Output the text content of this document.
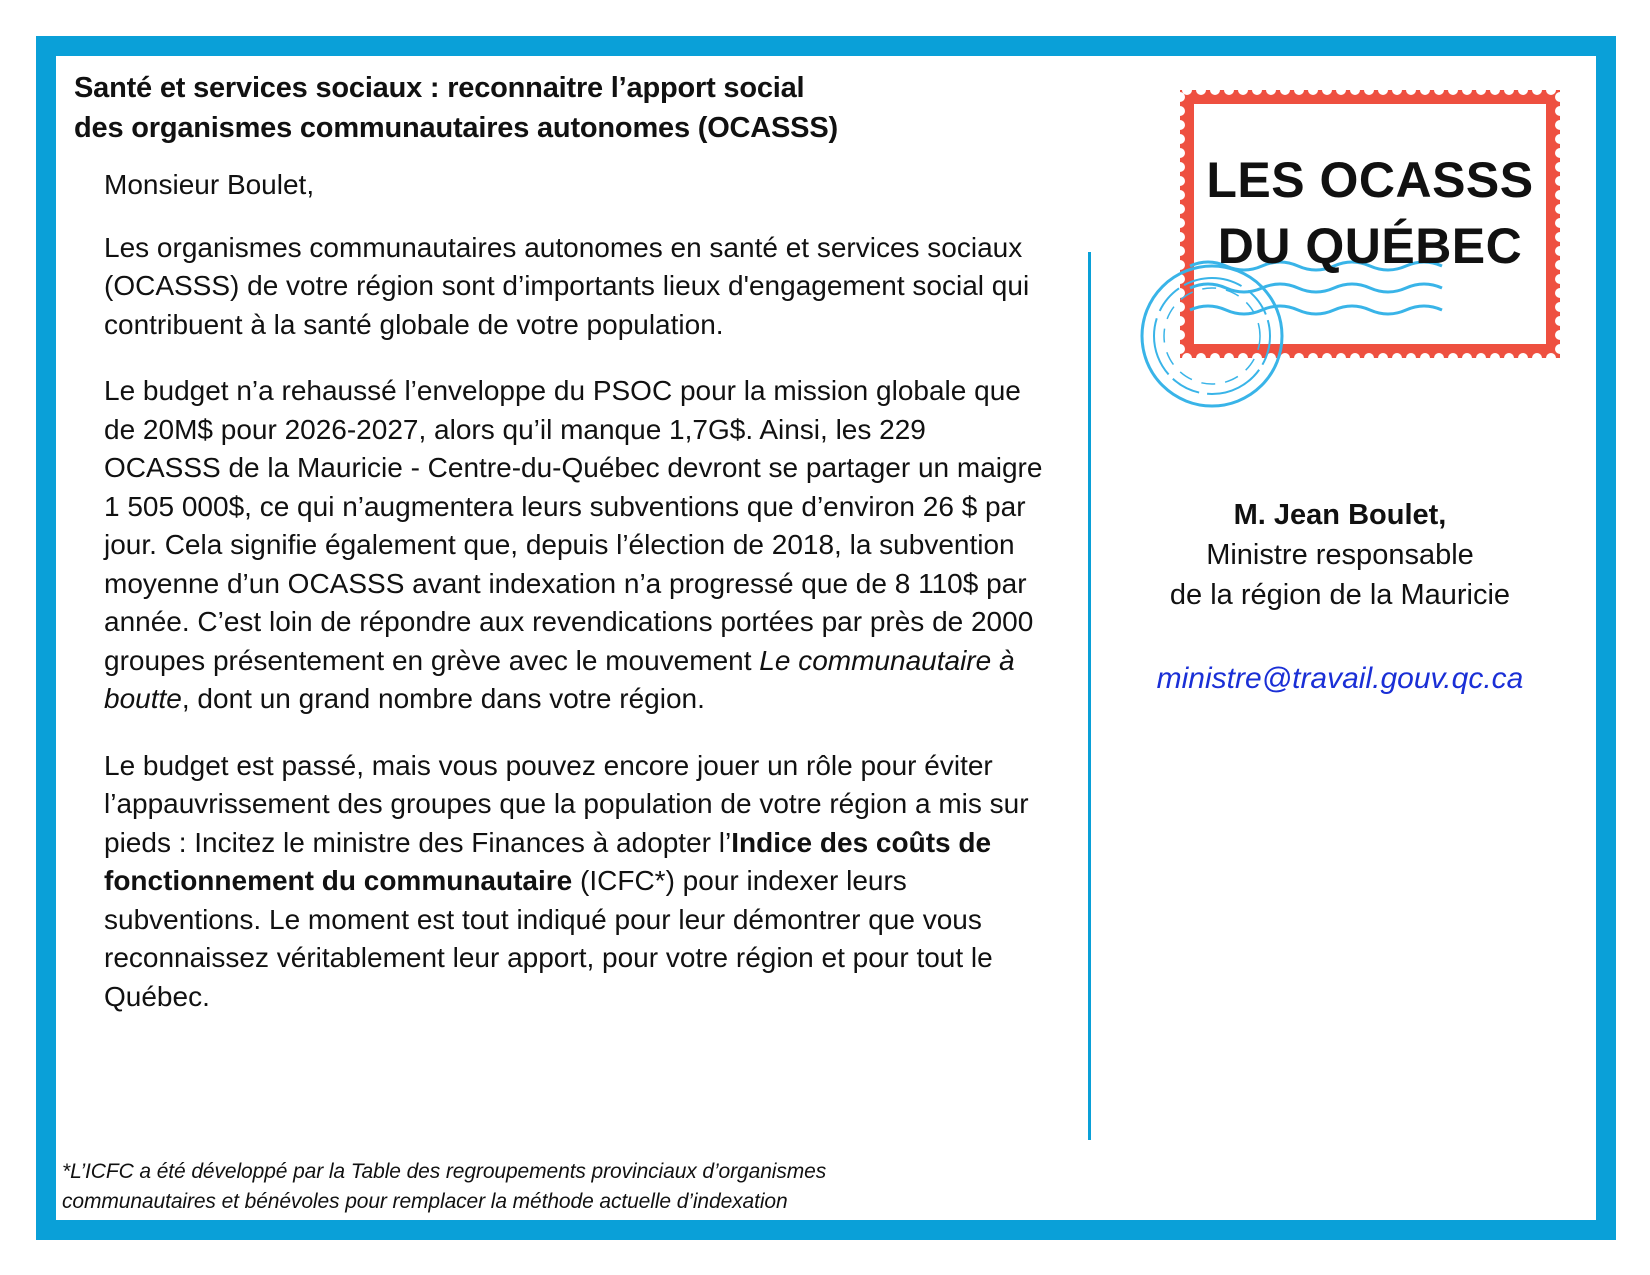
Santé et services sociaux : reconnaitre l’apport social
des organismes communautaires autonomes (OCASSS)

Monsieur Boulet,

Les organismes communautaires autonomes en santé et services sociaux (OCASSS) de votre région sont d’importants lieux d'engagement social qui contribuent à la santé globale de votre population.

Le budget n’a rehaussé l’enveloppe du PSOC pour la mission globale que de 20M$ pour 2026-2027, alors qu’il manque 1,7G$. Ainsi, les 229 OCASSS de la Mauricie - Centre-du-Québec devront se partager un maigre 1 505 000$, ce qui n’augmentera leurs subventions que d’environ 26 $ par jour. Cela signifie également que, depuis l’élection de 2018, la subvention moyenne d’un OCASSS avant indexation n’a progressé que de 8 110$ par année. C’est loin de répondre aux revendications portées par près de 2000 groupes présentement en grève avec le mouvement Le communautaire à boutte, dont un grand nombre dans votre région.

Le budget est passé, mais vous pouvez encore jouer un rôle pour éviter l’appauvrissement des groupes que la population de votre région a mis sur pieds : Incitez le ministre des Finances à adopter l’Indice des coûts de fonctionnement du communautaire (ICFC*) pour indexer leurs subventions. Le moment est tout indiqué pour leur démontrer que vous reconnaissez véritablement leur apport, pour votre région et pour tout le Québec.

*L’ICFC a été développé par la Table des regroupements provinciaux d’organismes
communautaires et bénévoles pour remplacer la méthode actuelle d’indexation
LES OCASSS
DU QUÉBEC
M. Jean Boulet,
Ministre responsable
de la région de la Mauricie
ministre@travail.gouv.qc.ca
